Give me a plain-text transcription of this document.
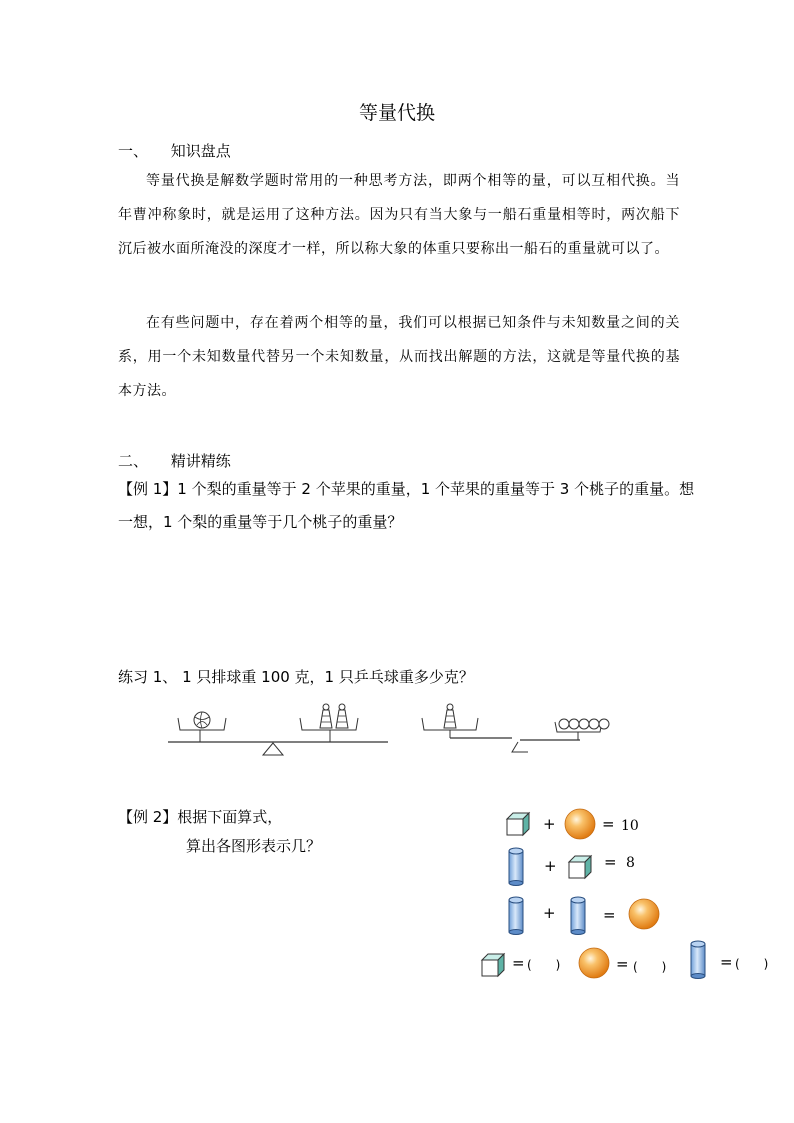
等量代换
一、 知识盘点
等量代换是解数学题时常用的一种思考方法，即两个相等的量，可以互相代换。当年曹冲称象时，就是运用了这种方法。因为只有当大象与一船石重量相等时，两次船下沉后被水面所淹没的深度才一样，所以称大象的体重只要称出一船石的重量就可以了。
在有些问题中，存在着两个相等的量，我们可以根据已知条件与未知数量之间的关系，用一个未知数量代替另一个未知数量，从而找出解题的方法，这就是等量代换的基本方法。
二、 精讲精练
【例 1】1 个梨的重量等于 2 个苹果的重量，1 个苹果的重量等于 3 个桃子的重量。想一想，1 个梨的重量等于几个桃子的重量？
练习 1、 1 只排球重 100 克，1 只乒乓球重多少克？
【例 2】根据下面算式，
算出各图形表示几？
+	= 10
+	= 8
+	=
= (　　)	= (　　)	= (　　)
